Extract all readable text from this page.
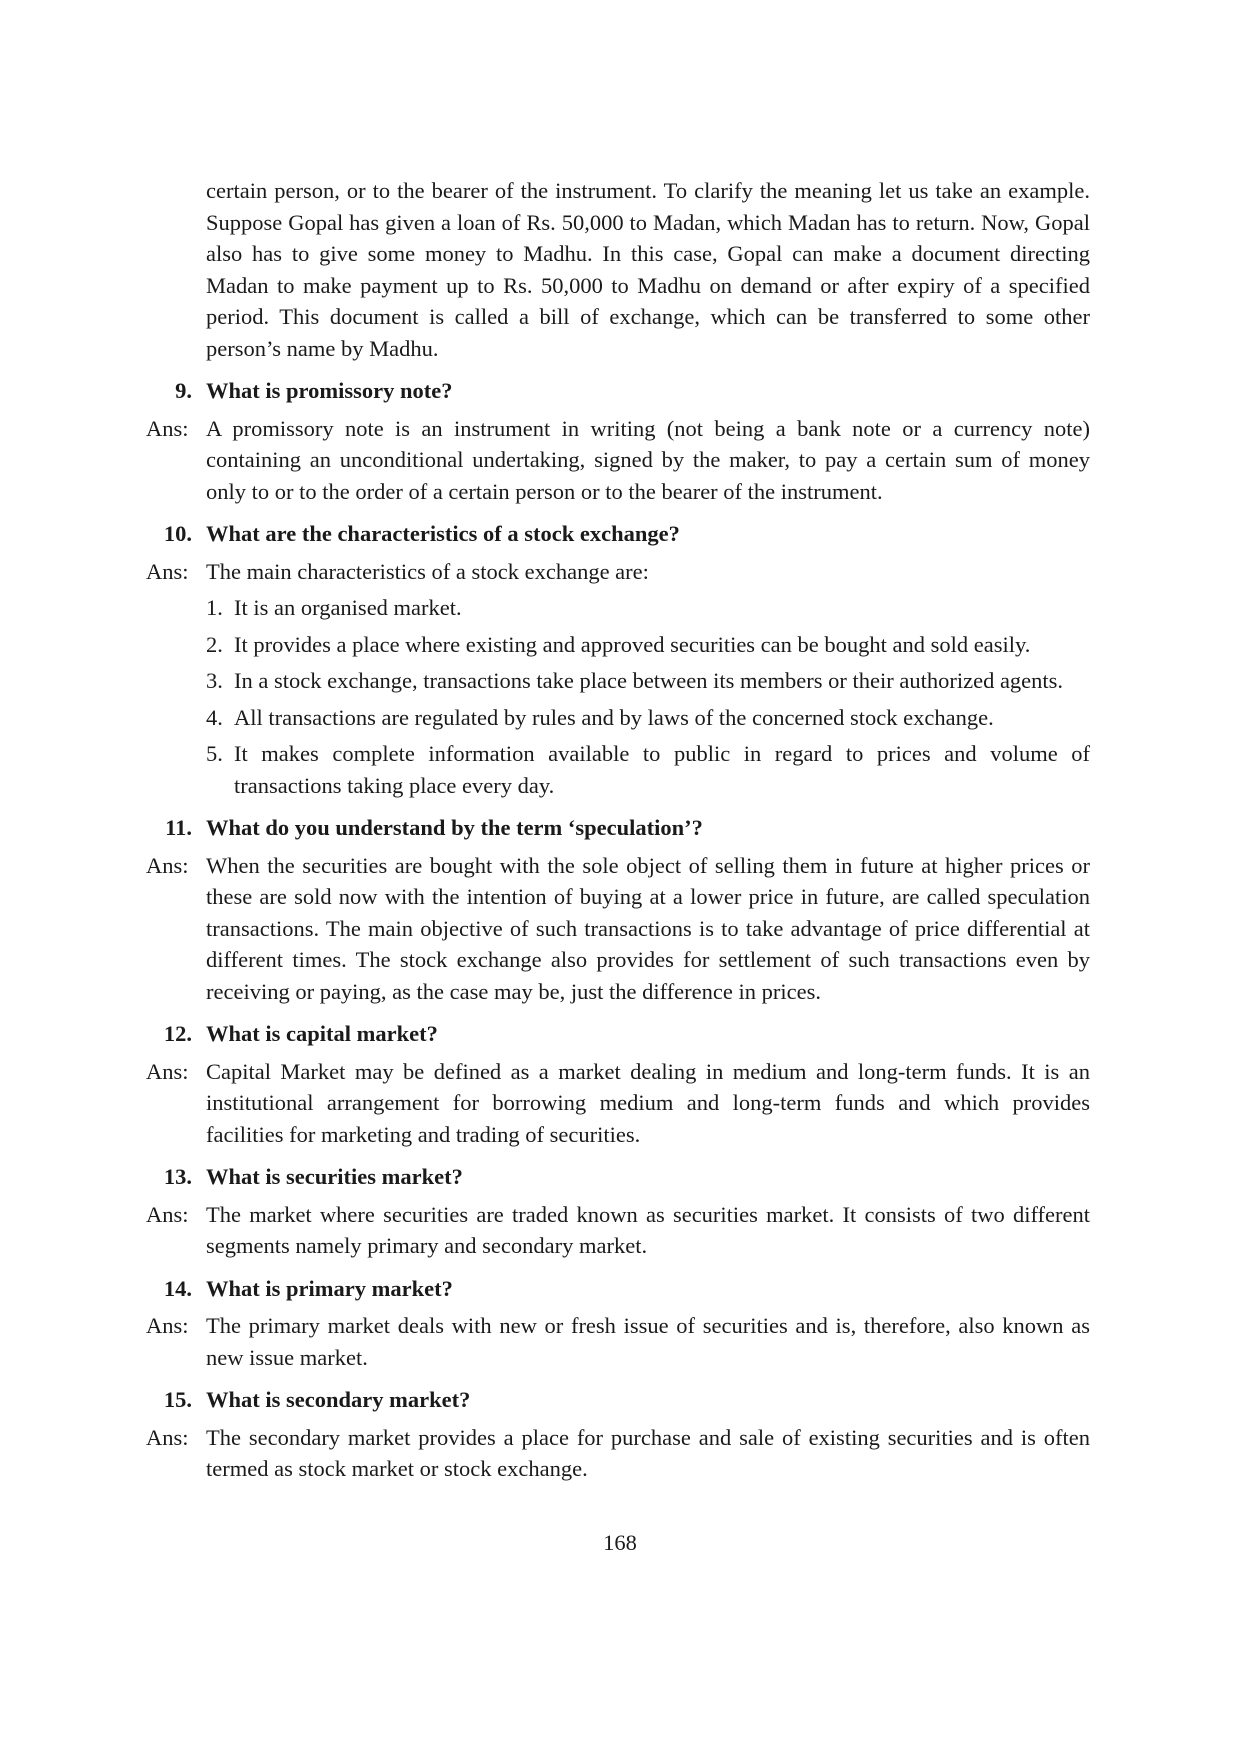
certain person, or to the bearer of the instrument. To clarify the meaning let us take an example. Suppose Gopal has given a loan of Rs. 50,000 to Madan, which Madan has to return. Now, Gopal also has to give some money to Madhu. In this case, Gopal can make a document directing Madan to make payment up to Rs. 50,000 to Madhu on demand or after expiry of a specified period. This document is called a bill of exchange, which can be transferred to some other person’s name by Madhu.

9. What is promissory note?
Ans: A promissory note is an instrument in writing (not being a bank note or a currency note) containing an unconditional undertaking, signed by the maker, to pay a certain sum of money only to or to the order of a certain person or to the bearer of the instrument.
10. What are the characteristics of a stock exchange?
Ans: The main characteristics of a stock exchange are:
1. It is an organised market.
2. It provides a place where existing and approved securities can be bought and sold easily.
3. In a stock exchange, transactions take place between its members or their authorized agents.
4. All transactions are regulated by rules and by laws of the concerned stock exchange.
5. It makes complete information available to public in regard to prices and volume of transactions taking place every day.
11. What do you understand by the term ‘speculation’?
Ans: When the securities are bought with the sole object of selling them in future at higher prices or these are sold now with the intention of buying at a lower price in future, are called speculation transactions. The main objective of such transactions is to take advantage of price differential at different times. The stock exchange also provides for settlement of such transactions even by receiving or paying, as the case may be, just the difference in prices.
12. What is capital market?
Ans: Capital Market may be defined as a market dealing in medium and long-term funds. It is an institutional arrangement for borrowing medium and long-term funds and which provides facilities for marketing and trading of securities.
13. What is securities market?
Ans: The market where securities are traded known as securities market. It consists of two different segments namely primary and secondary market.
14. What is primary market?
Ans: The primary market deals with new or fresh issue of securities and is, therefore, also known as new issue market.
15. What is secondary market?
Ans: The secondary market provides a place for purchase and sale of existing securities and is often termed as stock market or stock exchange.
168
